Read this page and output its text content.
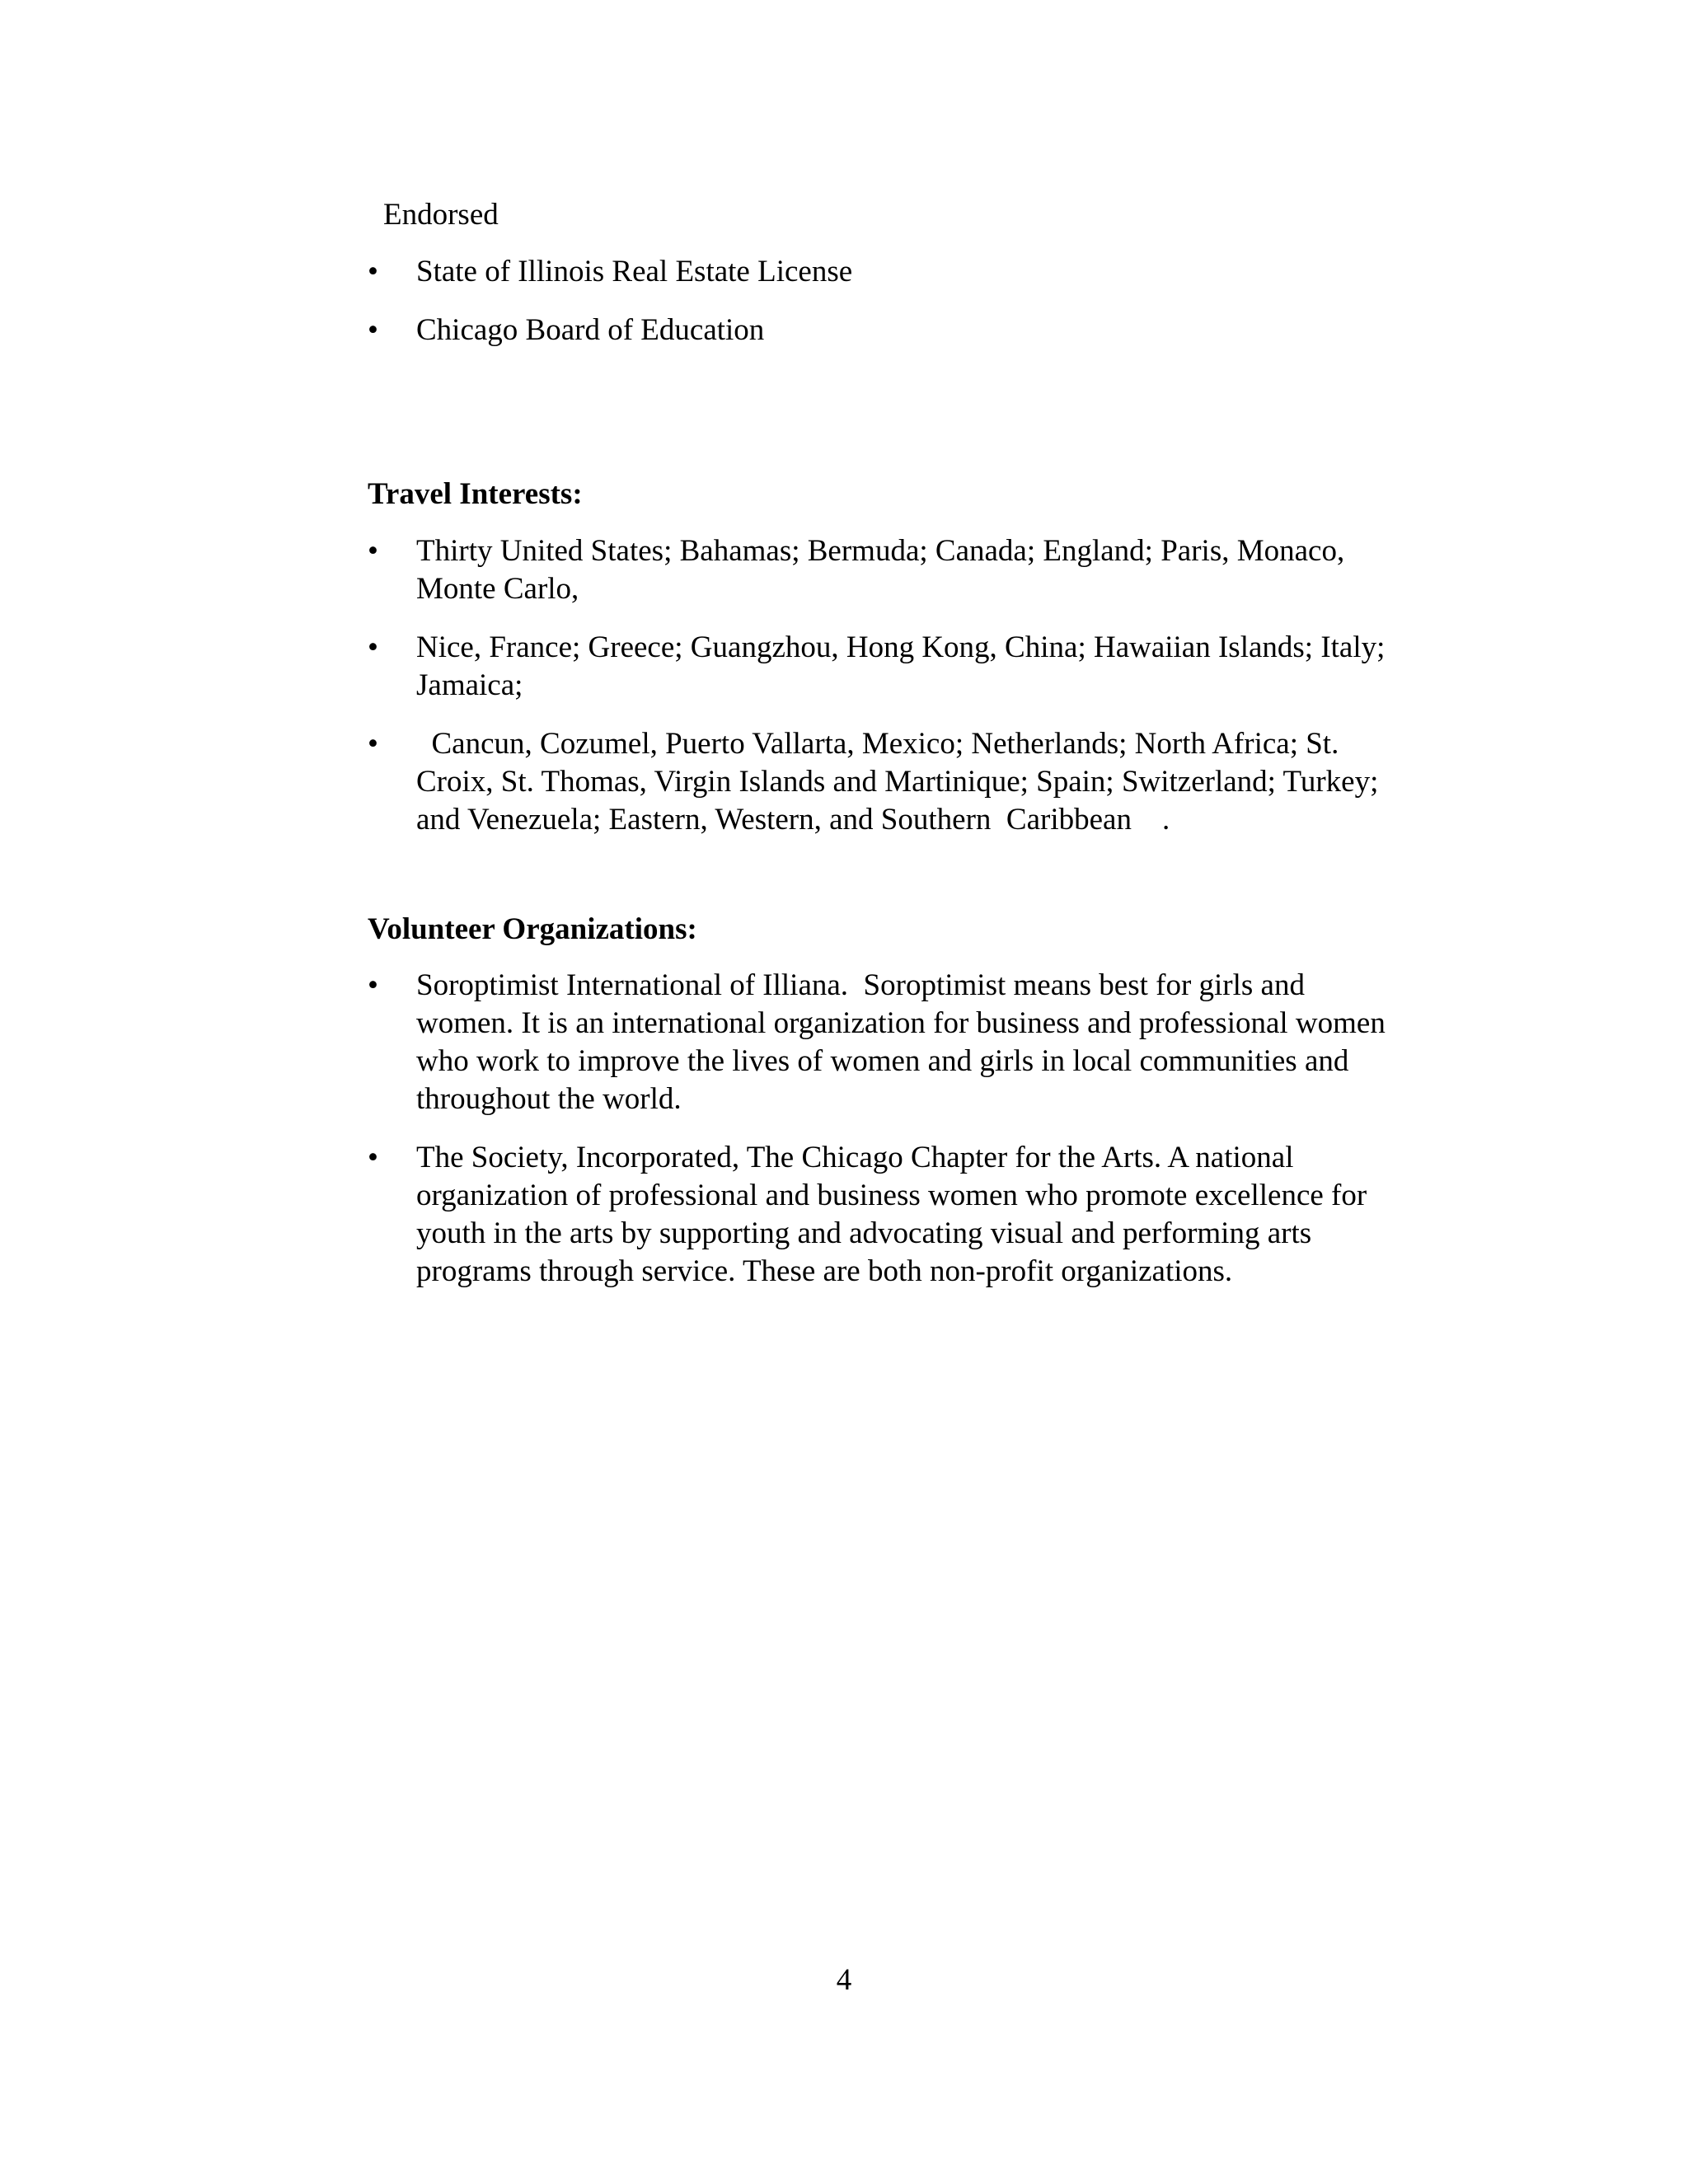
Endorsed
•	State of Illinois Real Estate License
•	Chicago Board of Education
Travel Interests:
•	Thirty United States; Bahamas; Bermuda; Canada; England; Paris, Monaco,
Monte Carlo,
•	Nice, France; Greece; Guangzhou, Hong Kong, China; Hawaiian Islands; Italy;
Jamaica;
•	Cancun, Cozumel, Puerto Vallarta, Mexico; Netherlands; North Africa; St.
Croix, St. Thomas, Virgin Islands and Martinique; Spain; Switzerland; Turkey;
and Venezuela; Eastern, Western, and Southern  Caribbean    .
Volunteer Organizations:
•	Soroptimist International of Illiana.  Soroptimist means best for girls and
women. It is an international organization for business and professional women
who work to improve the lives of women and girls in local communities and
throughout the world.
•	The Society, Incorporated, The Chicago Chapter for the Arts. A national
organization of professional and business women who promote excellence for
youth in the arts by supporting and advocating visual and performing arts
programs through service. These are both non-profit organizations.
4
